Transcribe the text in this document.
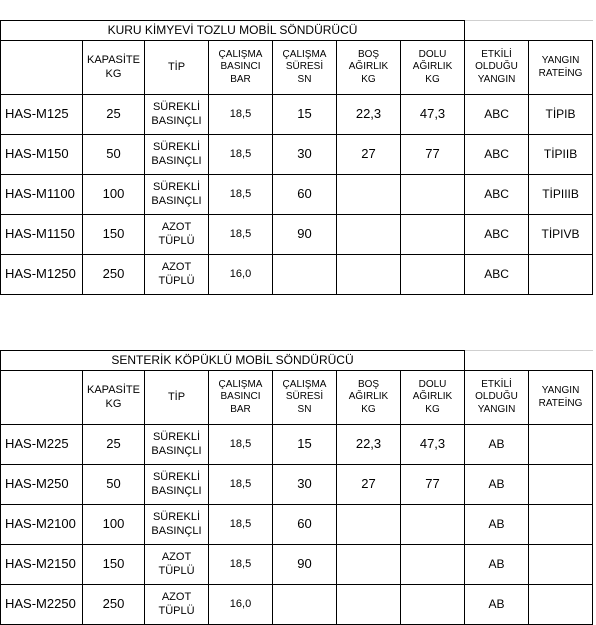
KURU KİMYEVİ TOZLU MOBİL SÖNDÜRÜCÜ								
	KAPASİTE
KG	TİP	ÇALIŞMA
BASINCI
BAR	ÇALIŞMA
SÜRESİ
SN	BOŞ
AĞIRLIK
KG	DOLU
AĞIRLIK
KG	ETKİLİ
OLDUĞU
YANGIN	YANGIN
RATEİNG
HAS-M125	25	SÜREKLİ
BASINÇLI	18,5	15	22,3	47,3	ABC	TİPIB
HAS-M150	50	SÜREKLİ
BASINÇLI	18,5	30	27	77	ABC	TİPIIB
HAS-M1100	100	SÜREKLİ
BASINÇLI	18,5	60			ABC	TİPIIIB
HAS-M1150	150	AZOT
TÜPLÜ	18,5	90			ABC	TİPIVB
HAS-M1250	250	AZOT
TÜPLÜ	16,0				ABC	
SENTERİK KÖPÜKLÜ MOBİL SÖNDÜRÜCÜ								
	KAPASİTE
KG	TİP	ÇALIŞMA
BASINCI
BAR	ÇALIŞMA
SÜRESİ
SN	BOŞ
AĞIRLIK
KG	DOLU
AĞIRLIK
KG	ETKİLİ
OLDUĞU
YANGIN	YANGIN
RATEİNG
HAS-M225	25	SÜREKLİ
BASINÇLI	18,5	15	22,3	47,3	AB	
HAS-M250	50	SÜREKLİ
BASINÇLI	18,5	30	27	77	AB	
HAS-M2100	100	SÜREKLİ
BASINÇLI	18,5	60			AB	
HAS-M2150	150	AZOT
TÜPLÜ	18,5	90			AB	
HAS-M2250	250	AZOT
TÜPLÜ	16,0				AB	
